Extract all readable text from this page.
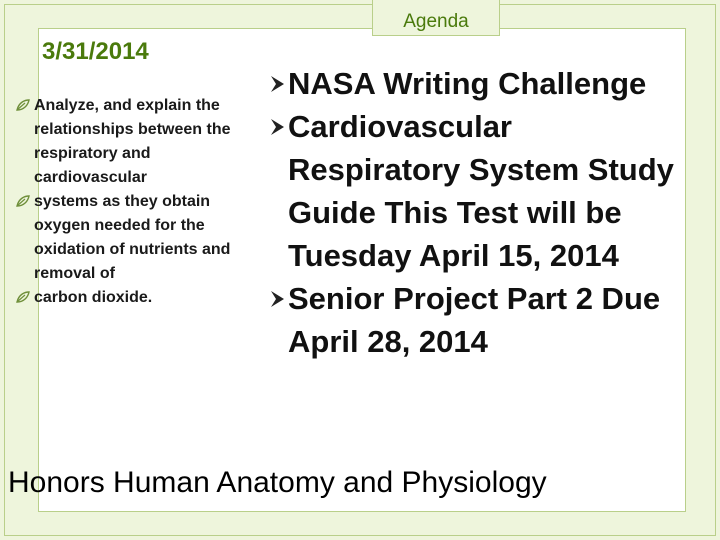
Agenda
3/31/2014
Analyze, and explain the relationships between the respiratory and cardiovascular
systems as they obtain oxygen needed for the oxidation of nutrients and removal of
carbon dioxide.
NASA Writing Challenge
Cardiovascular Respiratory System Study Guide This Test will be Tuesday April 15, 2014
Senior Project Part 2 Due April 28, 2014
Honors Human Anatomy and Physiology
